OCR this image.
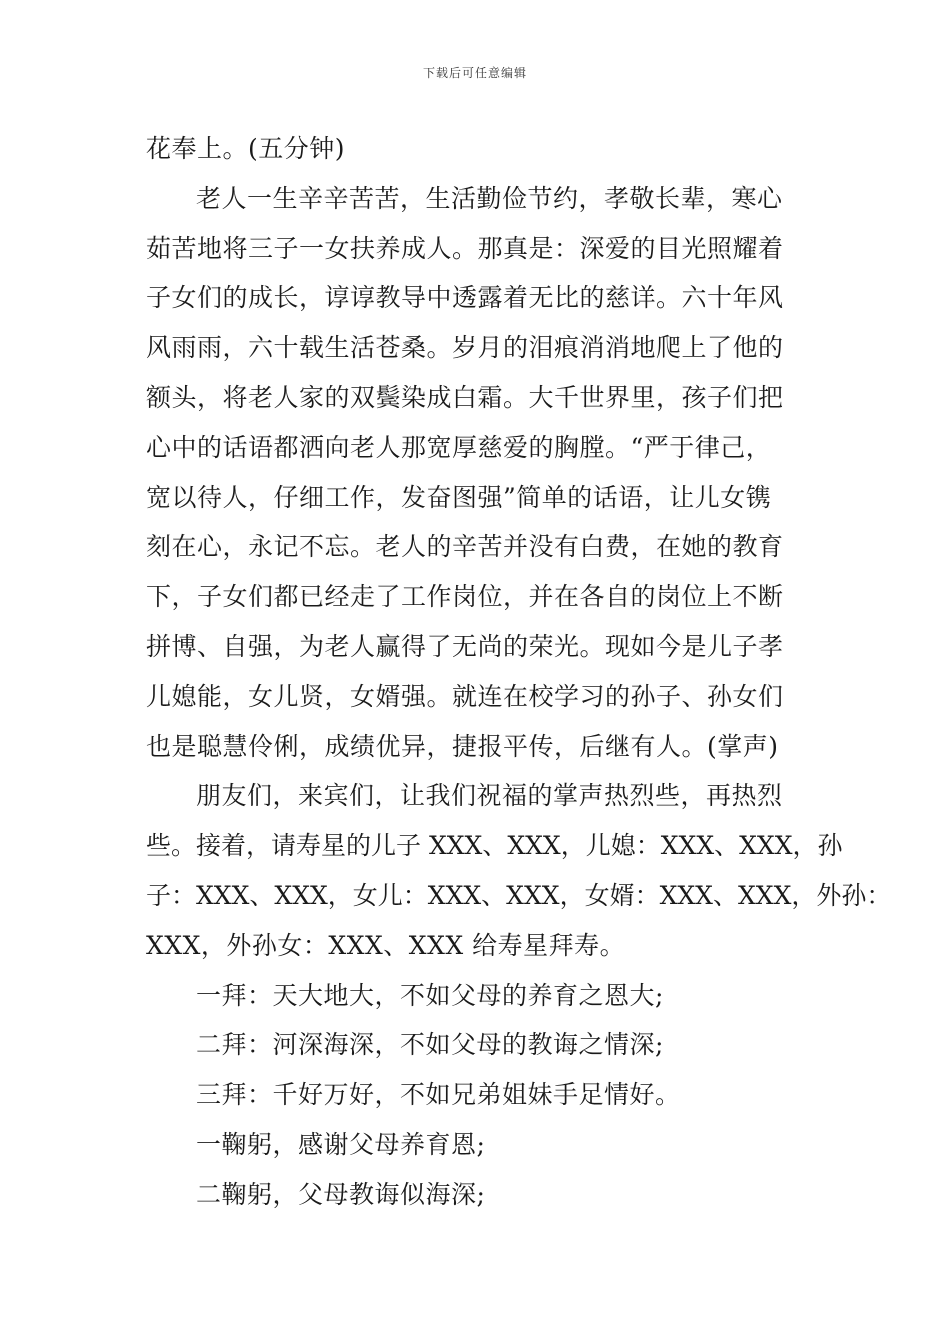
下载后可任意编辑
花奉上。(五分钟)
老人一生辛辛苦苦，生活勤俭节约，孝敬长辈，寒心
茹苦地将三子一女扶养成人。那真是：深爱的目光照耀着
子女们的成长，谆谆教导中透露着无比的慈详。六十年风
风雨雨，六十载生活苍桑。岁月的泪痕消消地爬上了他的
额头，将老人家的双鬓染成白霜。大千世界里，孩子们把
心中的话语都洒向老人那宽厚慈爱的胸膛。“严于律己，
宽以待人，仔细工作，发奋图强”简单的话语，让儿女镌
刻在心，永记不忘。老人的辛苦并没有白费，在她的教育
下，子女们都已经走了工作岗位，并在各自的岗位上不断
拼博、自强，为老人赢得了无尚的荣光。现如今是儿子孝
儿媳能，女儿贤，女婿强。就连在校学习的孙子、孙女们
也是聪慧伶俐，成绩优异，捷报平传，后继有人。(掌声)
朋友们，来宾们，让我们祝福的掌声热烈些，再热烈
些。接着，请寿星的儿子 XXX、XXX，儿媳：XXX、XXX，孙
子：XXX、XXX，女儿：XXX、XXX，女婿：XXX、XXX，外孙：
XXX，外孙女：XXX、XXX 给寿星拜寿。
一拜：天大地大，不如父母的养育之恩大;
二拜：河深海深，不如父母的教诲之情深;
三拜：千好万好，不如兄弟姐妹手足情好。
一鞠躬，感谢父母养育恩;
二鞠躬，父母教诲似海深;
